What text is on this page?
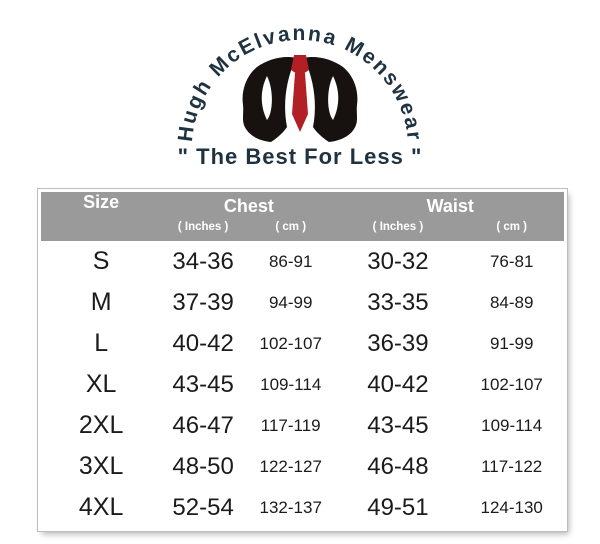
Hugh McElvanna Menswear
" The Best For Less "
Size	Chest		Waist	
	( Inches )	( cm )	( Inches )	( cm )
S	34-36	86-91	30-32	76-81
M	37-39	94-99	33-35	84-89
L	40-42	102-107	36-39	91-99
XL	43-45	109-114	40-42	102-107
2XL	46-47	117-119	43-45	109-114
3XL	48-50	122-127	46-48	117-122
4XL	52-54	132-137	49-51	124-130
